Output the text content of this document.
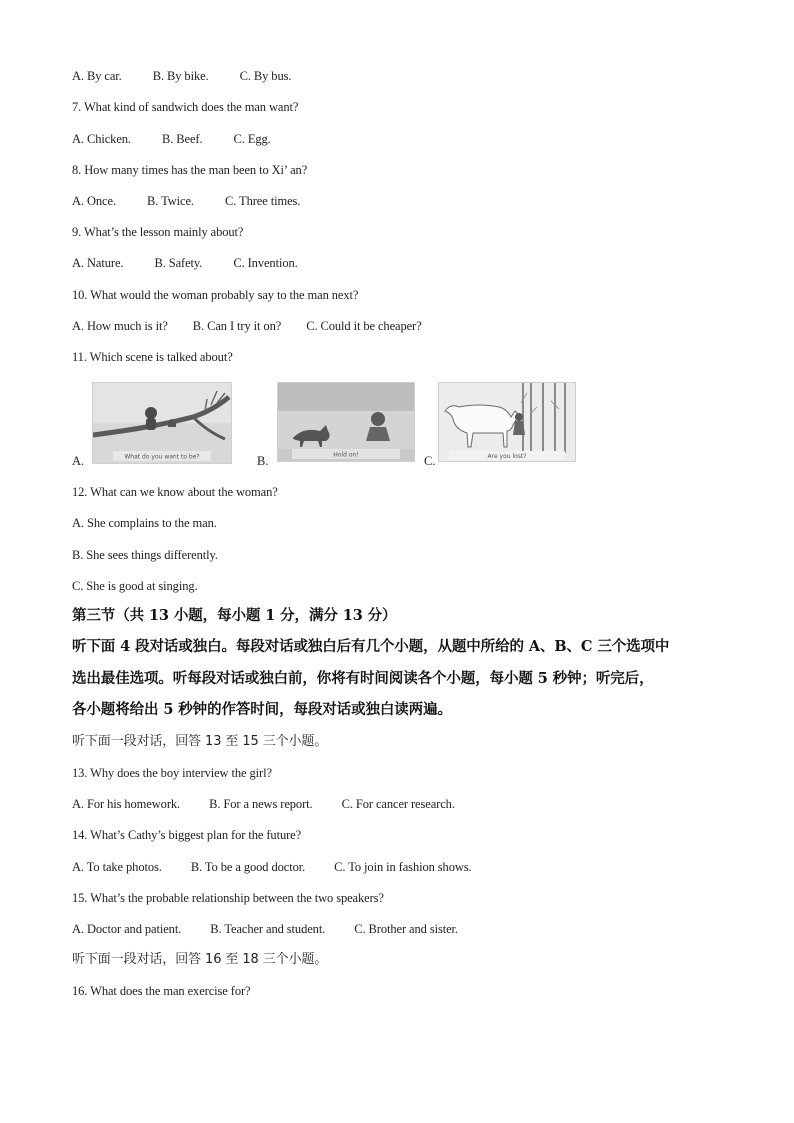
A. By car. B. By bike. C. By bus.
7. What kind of sandwich does the man want?
A. Chicken. B. Beef. C. Egg.
8. How many times has the man been to Xi’ an?
A. Once. B. Twice. C. Three times.
9. What’s the lesson mainly about?
A. Nature. B. Safety. C. Invention.
10. What would the woman probably say to the man next?
A. How much is it? B. Can I try it on? C. Could it be cheaper?
11. Which scene is talked about?
A.	What do you want to be?	B.	Hold on!	C.	Are you lost?
12. What can we know about the woman?
A. She complains to the man.
B. She sees things differently.
C. She is good at singing.
第三节（共 13 小题，每小题 1 分，满分 13 分）
听下面 4 段对话或独白。每段对话或独白后有几个小题，从题中所给的 A、B、C 三个选项中
选出最佳选项。听每段对话或独白前，你将有时间阅读各个小题，每小题 5 秒钟；听完后，
各小题将给出 5 秒钟的作答时间，每段对话或独白读两遍。
听下面一段对话，回答 13 至 15 三个小题。
13. Why does the boy interview the girl?
A. For his homework. B. For a news report. C. For cancer research.
14. What’s Cathy’s biggest plan for the future?
A. To take photos. B. To be a good doctor. C. To join in fashion shows.
15. What’s the probable relationship between the two speakers?
A. Doctor and patient. B. Teacher and student. C. Brother and sister.
听下面一段对话，回答 16 至 18 三个小题。
16. What does the man exercise for?
